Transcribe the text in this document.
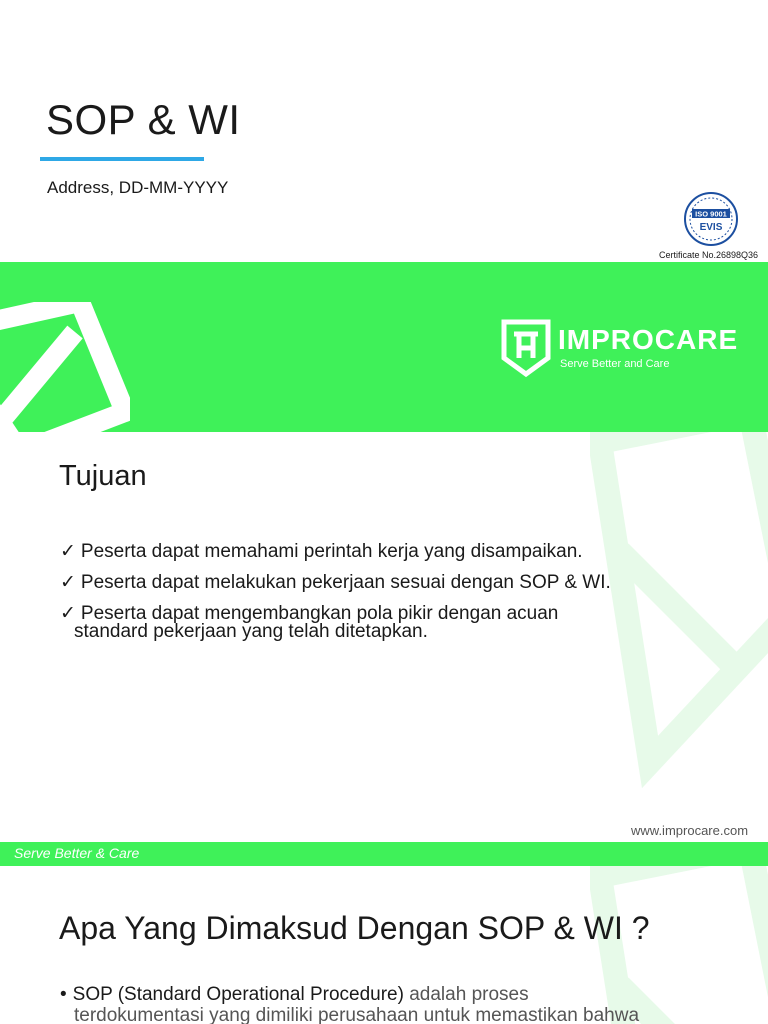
SOP & WI
Address, DD-MM-YYYY
ISO 9001
EVIS
Certificate No.26898Q36
IMPROCARE
Serve Better and Care
Tujuan
✓ Peserta dapat memahami perintah kerja yang disampaikan.
✓ Peserta dapat melakukan pekerjaan sesuai dengan SOP & WI.
✓ Peserta dapat mengembangkan pola pikir dengan acuan
standard pekerjaan yang telah ditetapkan.
www.improcare.com
Serve Better & Care
Apa Yang Dimaksud Dengan SOP & WI ?
• SOP (Standard Operational Procedure) adalah proses
terdokumentasi yang dimiliki perusahaan untuk memastikan bahwa
